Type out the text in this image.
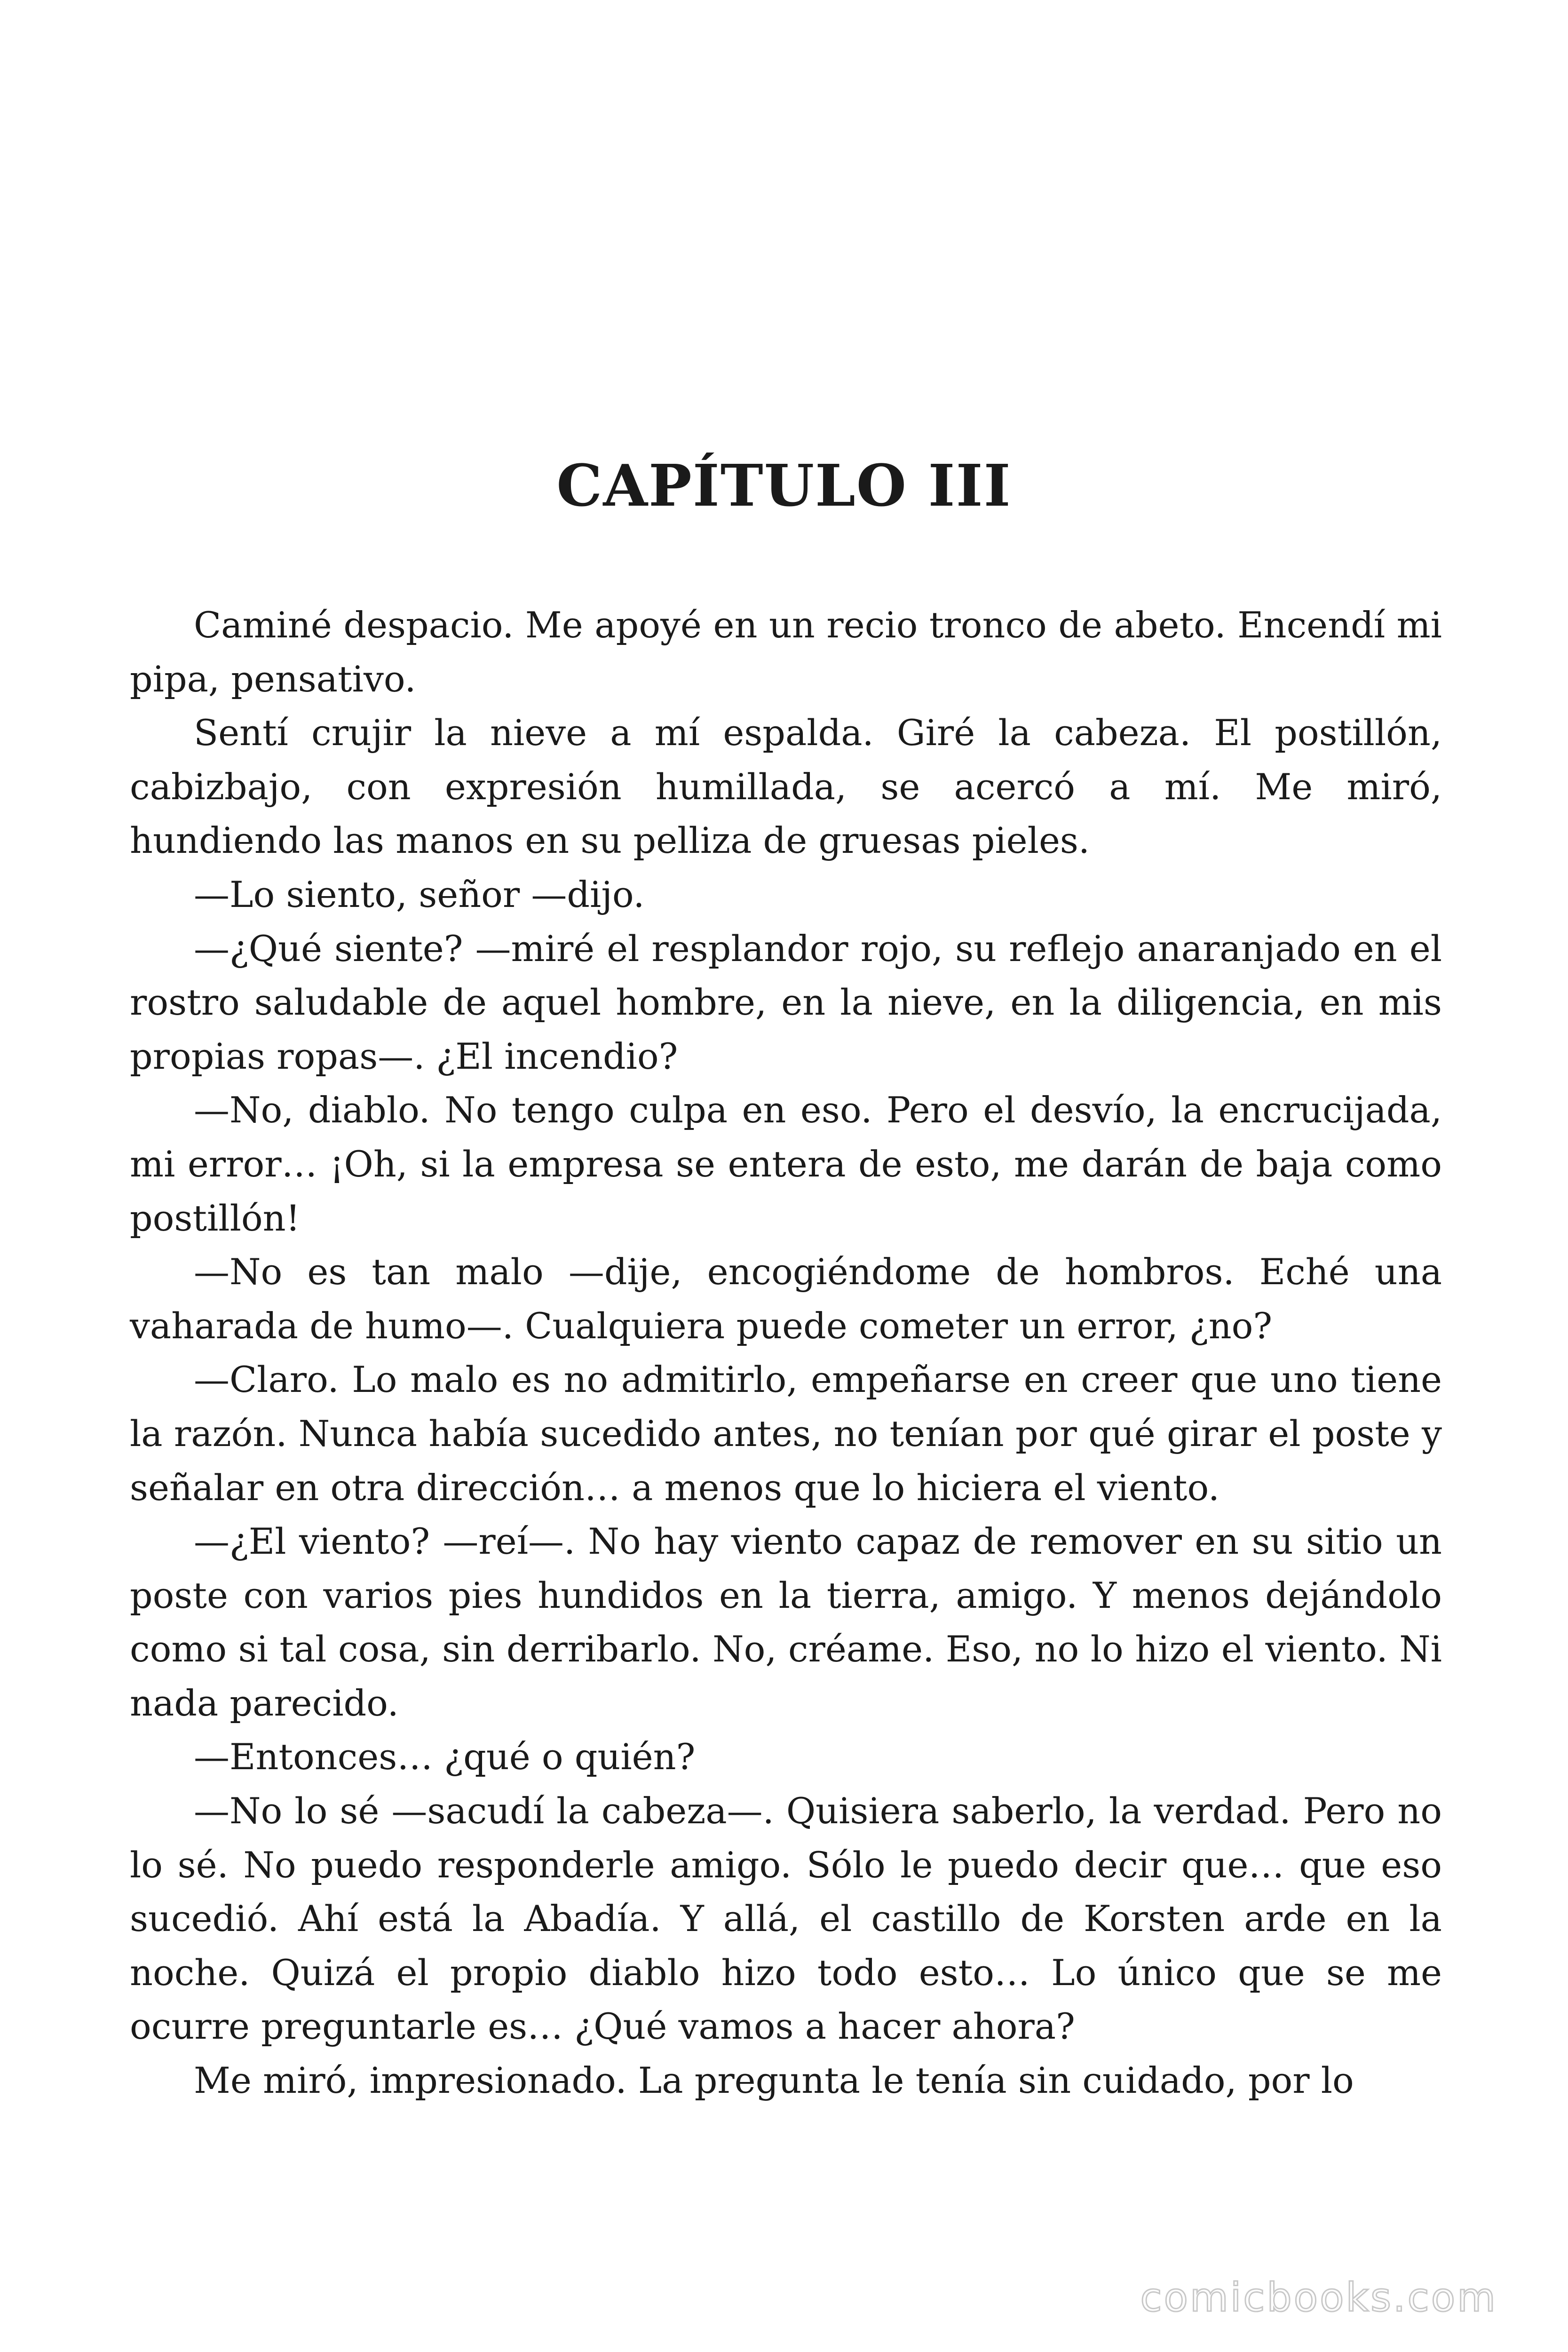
CAPÍTULO III

Caminé despacio. Me apoyé en un recio tronco de abeto. Encendí mi pipa, pensativo.

Sentí crujir la nieve a mí espalda. Giré la cabeza. El postillón, cabizbajo, con expresión humillada, se acercó a mí. Me miró, hundiendo las manos en su pelliza de gruesas pieles.

—Lo siento, señor —dijo.

—¿Qué siente? —miré el resplandor rojo, su reflejo anaranjado en el rostro saludable de aquel hombre, en la nieve, en la diligencia, en mis propias ropas—. ¿El incendio?

—No, diablo. No tengo culpa en eso. Pero el desvío, la encrucijada, mi error… ¡Oh, si la empresa se entera de esto, me darán de baja como postillón!

—No es tan malo —dije, encogiéndome de hombros. Eché una vaharada de humo—. Cualquiera puede cometer un error, ¿no?

—Claro. Lo malo es no admitirlo, empeñarse en creer que uno tiene la razón. Nunca había sucedido antes, no tenían por qué girar el poste y señalar en otra dirección… a menos que lo hiciera el viento.

—¿El viento? —reí—. No hay viento capaz de remover en su sitio un poste con varios pies hundidos en la tierra, amigo. Y menos dejándolo como si tal cosa, sin derribarlo. No, créame. Eso, no lo hizo el viento. Ni nada parecido.

—Entonces… ¿qué o quién?

—No lo sé —sacudí la cabeza—. Quisiera saberlo, la verdad. Pero no lo sé. No puedo responderle amigo. Sólo le puedo decir que… que eso sucedió. Ahí está la Abadía. Y allá, el castillo de Korsten arde en la noche. Quizá el propio diablo hizo todo esto… Lo único que se me ocurre preguntarle es… ¿Qué vamos a hacer ahora?

Me miró, impresionado. La pregunta le tenía sin cuidado, por lo

comicbooks.com
